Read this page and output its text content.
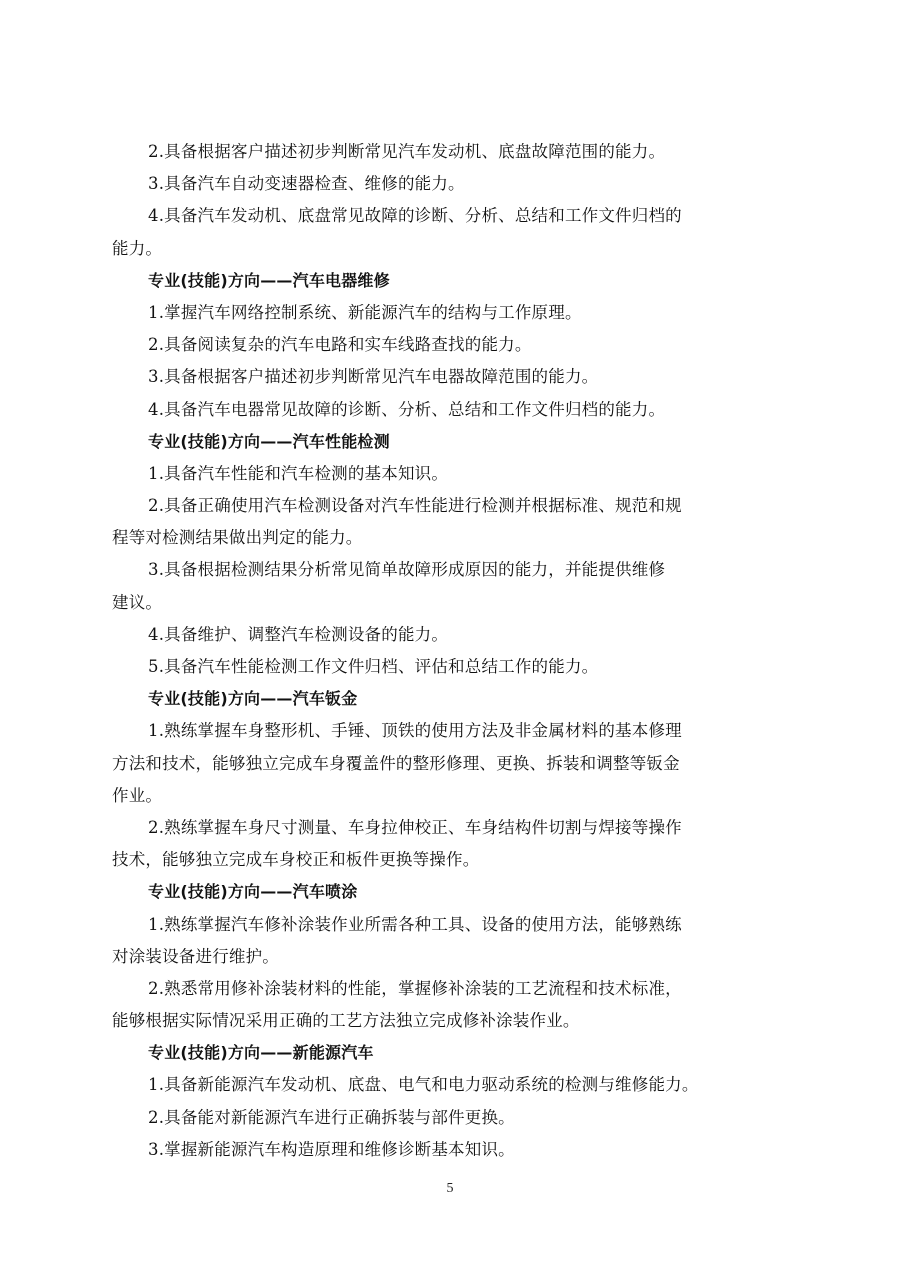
2.具备根据客户描述初步判断常见汽车发动机、底盘故障范围的能力。
3.具备汽车自动变速器检查、维修的能力。
4.具备汽车发动机、底盘常见故障的诊断、分析、总结和工作文件归档的
能力。
专业(技能)方向——汽车电器维修
1.掌握汽车网络控制系统、新能源汽车的结构与工作原理。
2.具备阅读复杂的汽车电路和实车线路查找的能力。
3.具备根据客户描述初步判断常见汽车电器故障范围的能力。
4.具备汽车电器常见故障的诊断、分析、总结和工作文件归档的能力。
专业(技能)方向——汽车性能检测
1.具备汽车性能和汽车检测的基本知识。
2.具备正确使用汽车检测设备对汽车性能进行检测并根据标准、规范和规
程等对检测结果做出判定的能力。
3.具备根据检测结果分析常见简单故障形成原因的能力，并能提供维修
建议。
4.具备维护、调整汽车检测设备的能力。
5.具备汽车性能检测工作文件归档、评估和总结工作的能力。
专业(技能)方向——汽车钣金
1.熟练掌握车身整形机、手锤、顶铁的使用方法及非金属材料的基本修理
方法和技术，能够独立完成车身覆盖件的整形修理、更换、拆装和调整等钣金
作业。
2.熟练掌握车身尺寸测量、车身拉伸校正、车身结构件切割与焊接等操作
技术，能够独立完成车身校正和板件更换等操作。
专业(技能)方向——汽车喷涂
1.熟练掌握汽车修补涂装作业所需各种工具、设备的使用方法，能够熟练
对涂装设备进行维护。
2.熟悉常用修补涂装材料的性能，掌握修补涂装的工艺流程和技术标准，
能够根据实际情况采用正确的工艺方法独立完成修补涂装作业。
专业(技能)方向——新能源汽车
1.具备新能源汽车发动机、底盘、电气和电力驱动系统的检测与维修能力。
2.具备能对新能源汽车进行正确拆装与部件更换。
3.掌握新能源汽车构造原理和维修诊断基本知识。
5
